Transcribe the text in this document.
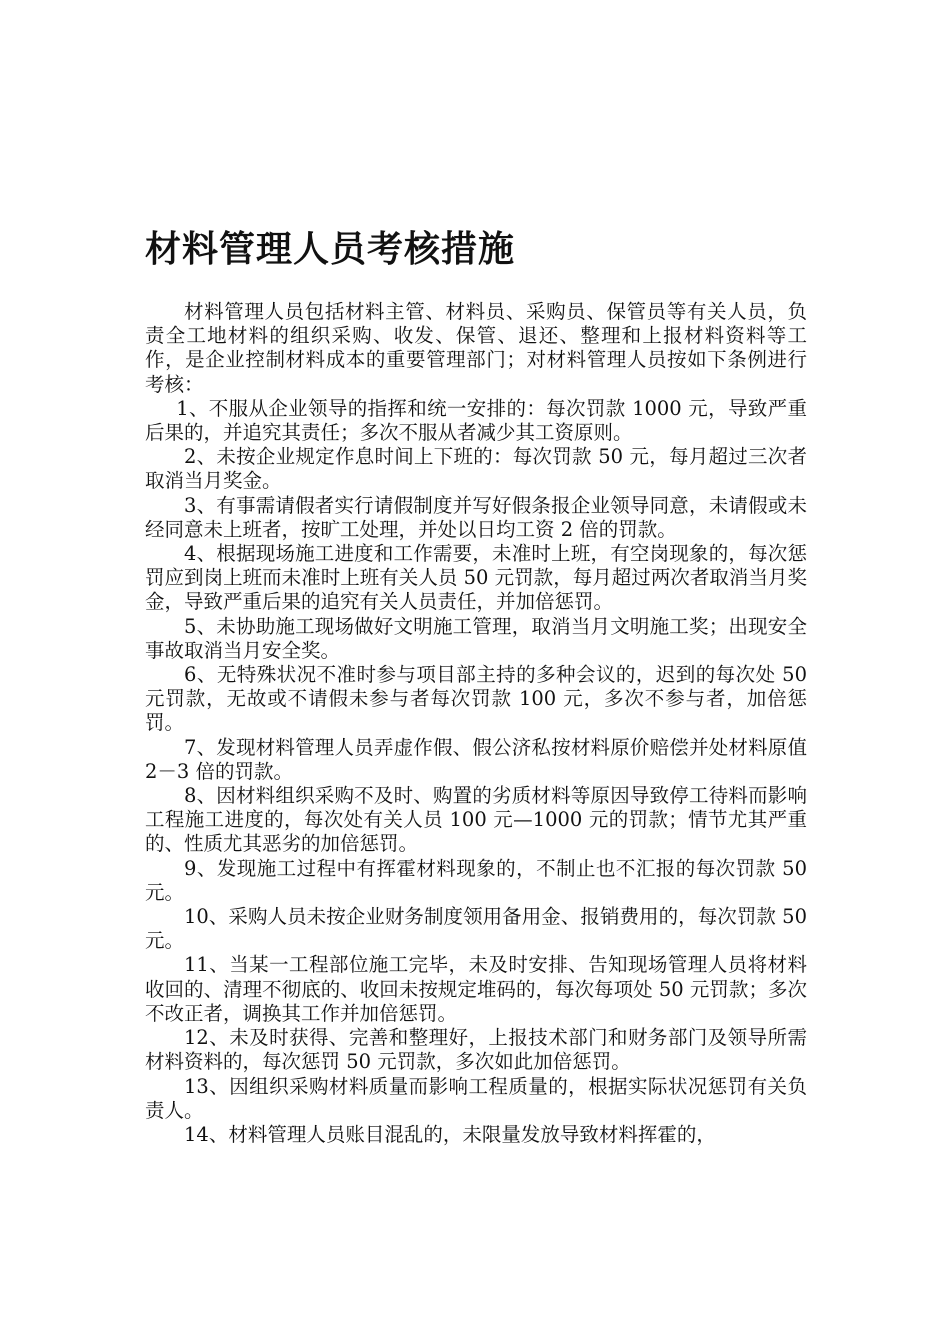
材料管理人员考核措施

材料管理人员包括材料主管、材料员、采购员、保管员等有关人员，负责全工地材料的组织采购、收发、保管、退还、整理和上报材料资料等工作，是企业控制材料成本的重要管理部门；对材料管理人员按如下条例进行考核：

1、不服从企业领导的指挥和统一安排的：每次罚款 1000 元，导致严重后果的，并追究其责任；多次不服从者减少其工资原则。

2、未按企业规定作息时间上下班的：每次罚款 50 元，每月超过三次者取消当月奖金。

3、有事需请假者实行请假制度并写好假条报企业领导同意，未请假或未经同意未上班者，按旷工处理，并处以日均工资 2 倍的罚款。

4、根据现场施工进度和工作需要，未准时上班，有空岗现象的，每次惩罚应到岗上班而未准时上班有关人员 50 元罚款，每月超过两次者取消当月奖金，导致严重后果的追究有关人员责任，并加倍惩罚。

5、未协助施工现场做好文明施工管理，取消当月文明施工奖；出现安全事故取消当月安全奖。

6、无特殊状况不准时参与项目部主持的多种会议的，迟到的每次处 50 元罚款，无故或不请假未参与者每次罚款 100 元，多次不参与者，加倍惩罚。

7、发现材料管理人员弄虚作假、假公济私按材料原价赔偿并处材料原值 2－3 倍的罚款。

8、因材料组织采购不及时、购置的劣质材料等原因导致停工待料而影响工程施工进度的，每次处有关人员 100 元—1000 元的罚款；情节尤其严重的、性质尤其恶劣的加倍惩罚。

9、发现施工过程中有挥霍材料现象的，不制止也不汇报的每次罚款 50 元。

10、采购人员未按企业财务制度领用备用金、报销费用的，每次罚款 50 元。

11、当某一工程部位施工完毕，未及时安排、告知现场管理人员将材料收回的、清理不彻底的、收回未按规定堆码的，每次每项处 50 元罚款；多次不改正者，调换其工作并加倍惩罚。

12、未及时获得、完善和整理好，上报技术部门和财务部门及领导所需材料资料的，每次惩罚 50 元罚款，多次如此加倍惩罚。

13、因组织采购材料质量而影响工程质量的，根据实际状况惩罚有关负责人。

14、材料管理人员账目混乱的，未限量发放导致材料挥霍的，
